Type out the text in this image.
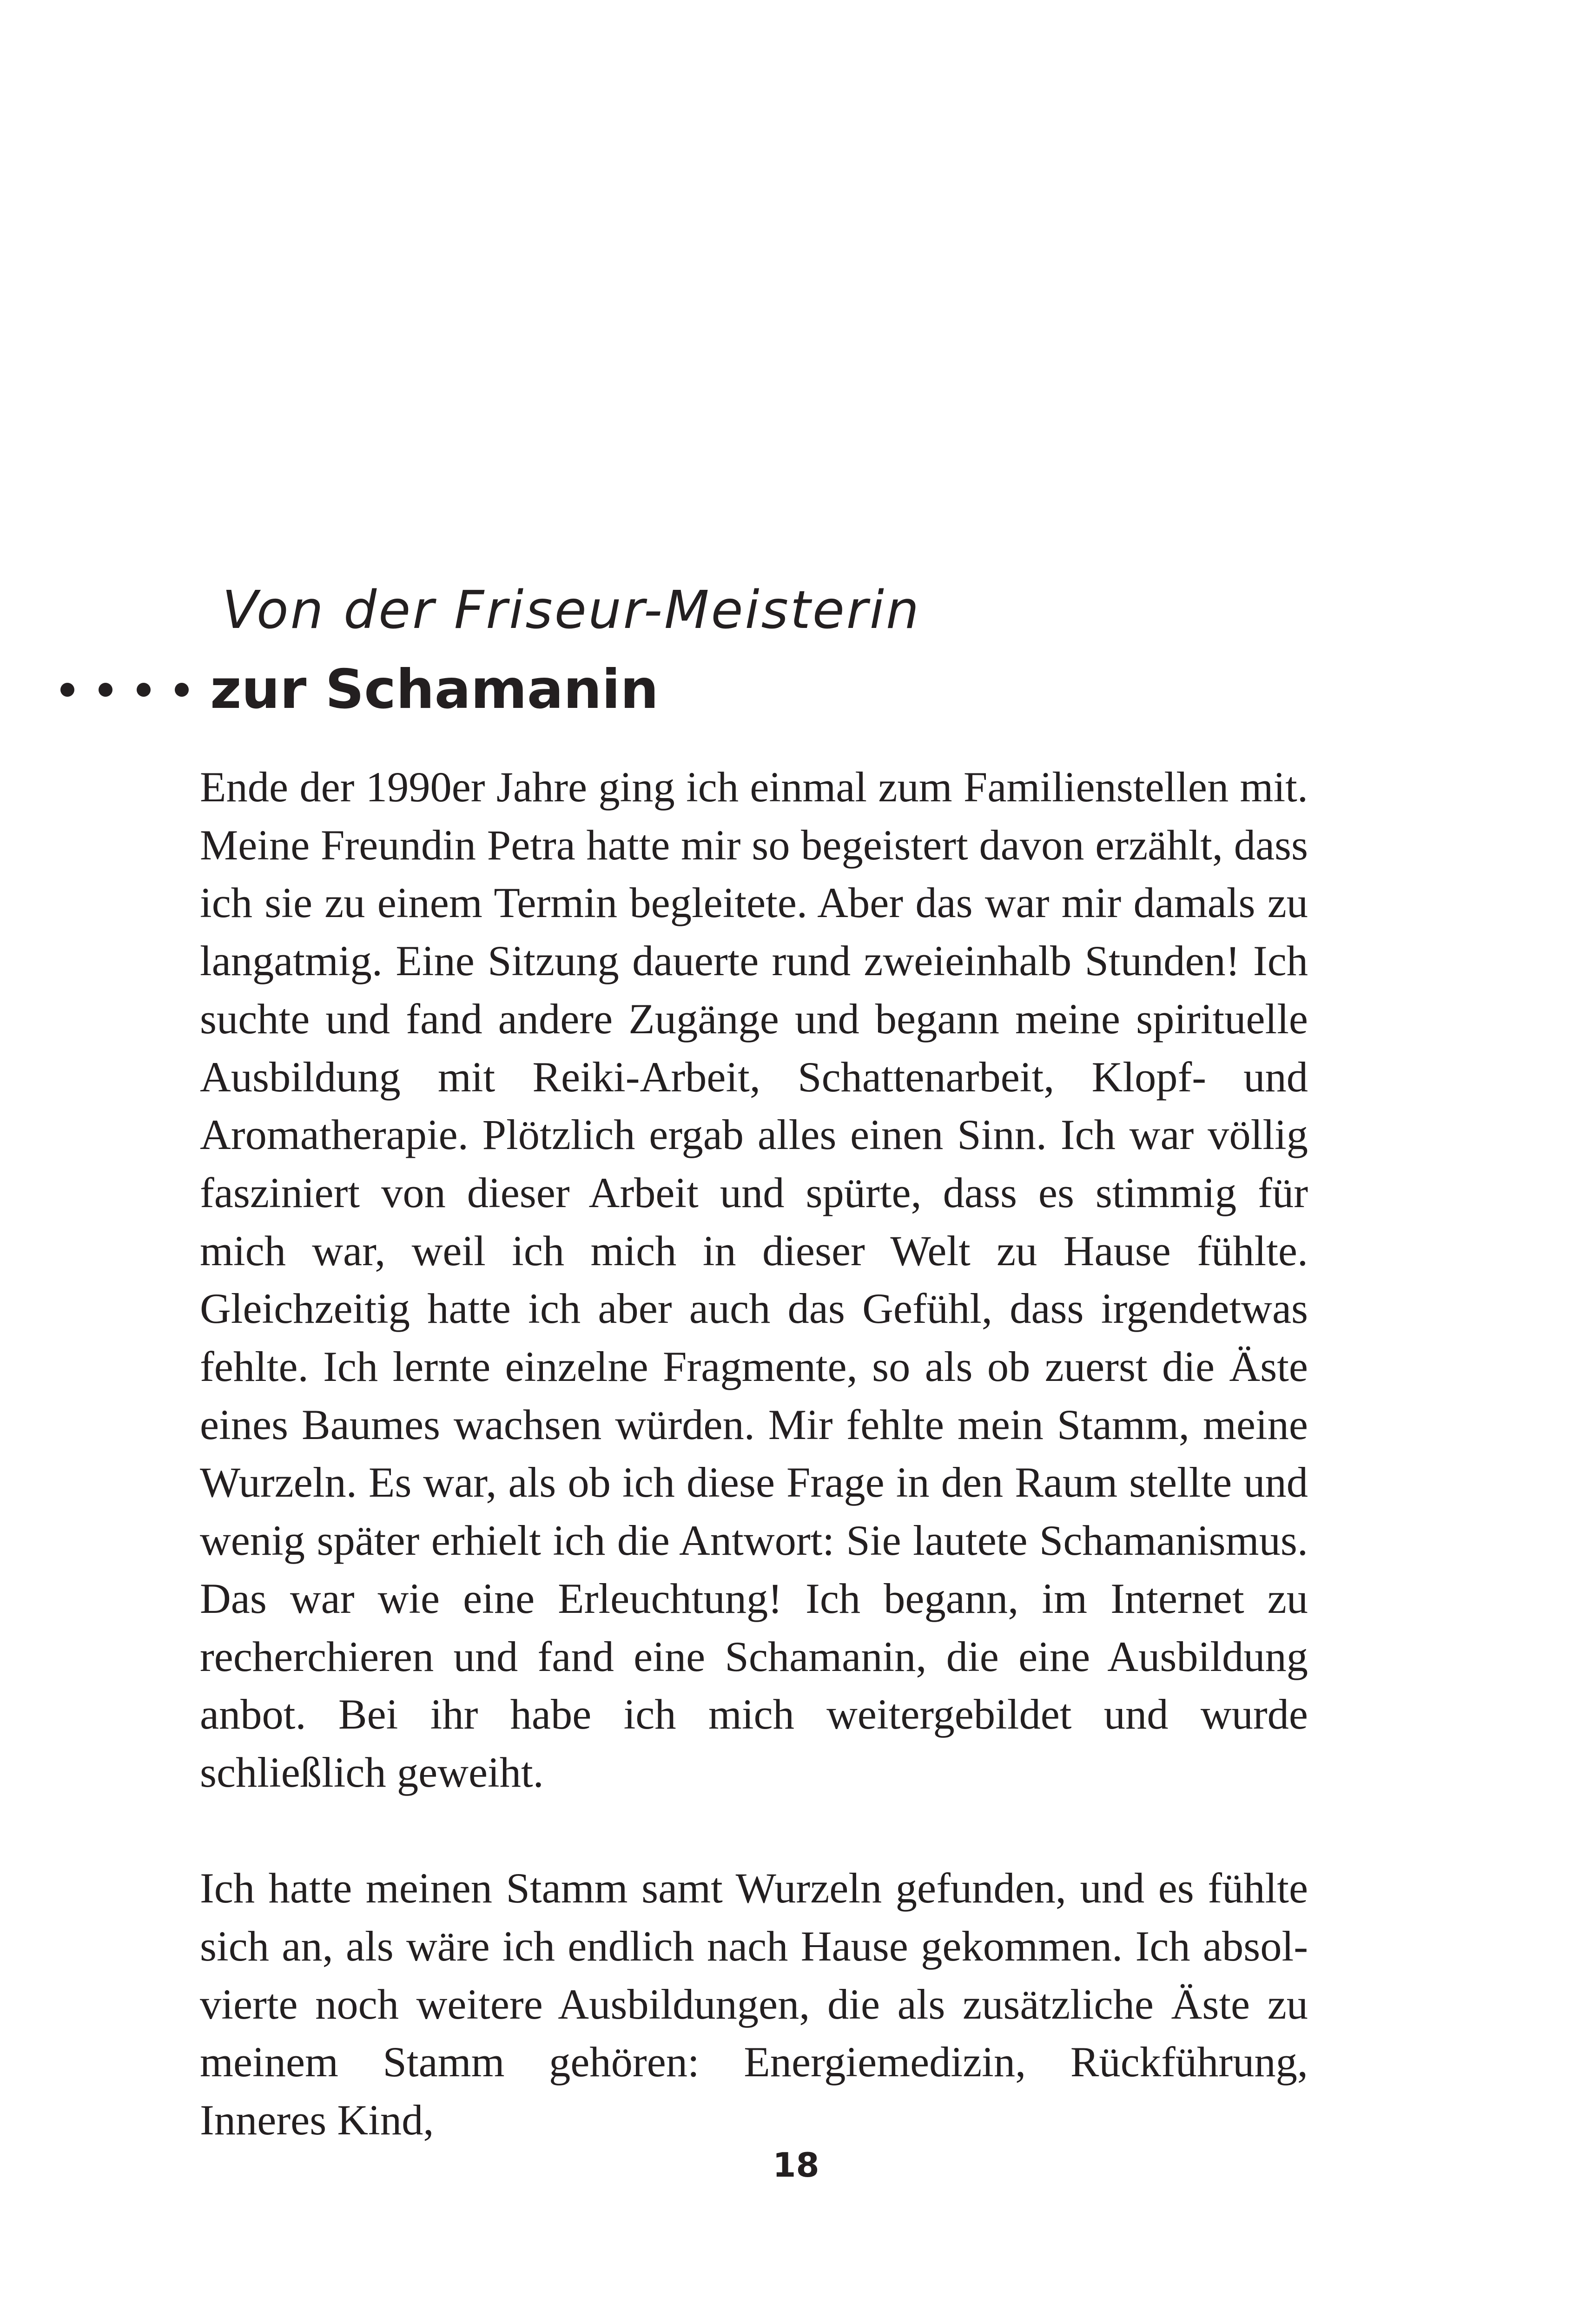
Von der Friseur-Meisterin
zur Schamanin

Ende der 1990er Jahre ging ich einmal zum Familienstellen mit. Meine Freundin Petra hatte mir so begeistert davon erzählt, dass ich sie zu einem Termin begleitete. Aber das war mir damals zu langatmig. Eine Sitzung dauerte rund zweieinhalb Stunden! Ich suchte und fand andere Zugänge und begann meine spirituelle Ausbildung mit Reiki-Arbeit, Schattenarbeit, Klopf- und Aromatherapie. Plötzlich ergab alles einen Sinn. Ich war völlig fasziniert von dieser Arbeit und spürte, dass es stimmig für mich war, weil ich mich in dieser Welt zu Hause fühlte. Gleichzeitig hatte ich aber auch das Gefühl, dass irgendetwas fehlte. Ich lernte einzelne Fragmente, so als ob zuerst die Äste eines Baumes wachsen würden. Mir fehlte mein Stamm, meine Wurzeln. Es war, als ob ich diese Frage in den Raum stellte und wenig später erhielt ich die Antwort: Sie lautete Schamanismus. Das war wie eine Erleuchtung! Ich begann, im Internet zu recherchieren und fand eine Schamanin, die eine Ausbildung anbot. Bei ihr habe ich mich weitergebildet und wurde schließlich geweiht.

Ich hatte meinen Stamm samt Wurzeln gefunden, und es fühlte sich an, als wäre ich endlich nach Hause gekommen. Ich absolvierte noch weitere Ausbildungen, die als zusätzliche Äste zu meinem Stamm gehören: Energiemedizin, Rückführung, Inneres Kind,

18
